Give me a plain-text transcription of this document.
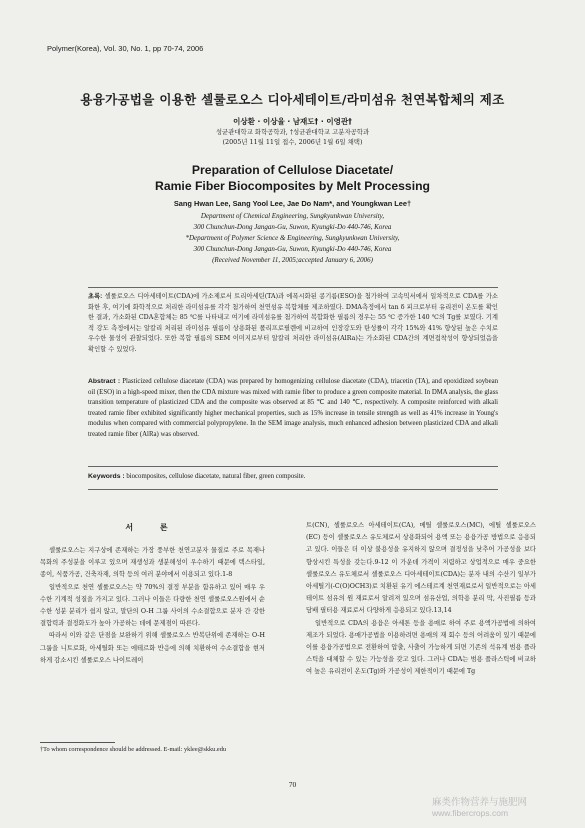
Polymer(Korea), Vol. 30, No. 1, pp 70-74, 2006
용융가공법을 이용한 셀룰로오스 디아세테이트/라미섬유 천연복합체의 제조
이상환 · 이상율 · 남재도† · 이영관†
성균관대학교 화학공학과, †성균관대학교 고분자공학과
(2005년 11월 11일 접수, 2006년 1월 6일 채택)
Preparation of Cellulose Diacetate/
Ramie Fiber Biocomposites by Melt Processing
Sang Hwan Lee, Sang Yool Lee, Jae Do Nam*, and Youngkwan Lee†
Department of Chemical Engineering, Sungkyunkwan University,
300 Chunchun-Dong Jangan-Gu, Suwon, Kyungki-Do 440-746, Korea
*Department of Polymer Science & Engineering, Sungkyunkwan University,
300 Chunchun-Dong Jangan-Gu, Suwon, Kyungki-Do 440-746, Korea
(Received November 11, 2005;accepted January 6, 2006)
초록: 셀룰로오스 디아세테이트(CDA)에 가소제로서 트리아세틴(TA)과 에폭시화된 콩기름(ESO)을 첨가하여 고속믹서에서 일차적으로 CDA를 가소화한 후, 여기에 화학적으로 처리한 라미섬유를 각각 첨가하여 천연섬유 복합체를 제조하였다. DMA측정에서 tan δ 피크로부터 유리전이 온도를 확인한 결과, 가소화된 CDA혼합체는 85 ℃를 나타내고 여기에 라미섬유를 첨가하여 복합화한 필름의 경우는 55 ℃ 증가한 140 ℃의 Tg를 보였다. 기계적 강도 측정에서는 알칼리 처리된 라미섬유 필름이 상용화된 폴리프로필렌에 비교하여 인장강도와 탄성률이 각각 15%와 41% 향상된 높은 수치로 우수한 물성이 관찰되었다. 또한 복합 필름의 SEM 이미지로부터 알칼리 처리한 라미섬유(AlRa)는 가소화된 CDA간의 계면접착성이 향상되었음을 확인할 수 있었다.
Abstract : Plasticized cellulose diacetate (CDA) was prepared by homogenizing cellulose diacetate (CDA), triacetin (TA), and epoxidized soybean oil (ESO) in a high-speed mixer, then the CDA mixture was mixed with ramie fiber to produce a green composite material. In DMA analysis, the glass transition temperature of plasticized CDA and the composite was observed at 85 ℃ and 140 ℃, respectively. A composite reinforced with alkali treated ramie fiber exhibited significantly higher mechanical properties, such as 15% increase in tensile strength as well as 41% increase in Young's modulus when compared with commercial polypropylene. In the SEM image analysis, much enhanced adhesion between plasticized CDA and alkali treated ramie fiber (AlRa) was observed.
Keywords : biocomposites, cellulose diacetate, natural fiber, green composite.
서 론
셀룰로오스는 지구상에 존재하는 가장 풍부한 천연고분자 물질로 주로 목재나 목화의 주성분을 이루고 있으며 재생성과 생분해성이 우수하기 때문에 텍스타일, 종이, 식품가공, 건축자재, 의학 등의 여러 분야에서 이용되고 있다.1-8
일반적으로 천연 셀룰로오스는 약 70%의 결정 부분을 함유하고 있어 매우 우수한 기계적 성질을 가지고 있다. 그러나 이들은 다량한 천연 셀룰로오스원에서 순수한 성분 분리가 쉽지 않고, 말단의 O-H 그룹 사이의 수소결합으로 분자 간 강한 결합력과 결정화도가 높아 가공하는 데에 문제점이 따른다.
따라서 이와 같은 단점을 보완하기 위해 셀룰로오스 반복단위에 존재하는 O-H 그룹을 니트로화, 아세틸화 또는 에테르화 반응에 의해 치환하여 수소결합을 현저하게 감소시킨 셀룰로오스 나이트레이
트(CN), 셀룰로오스 아세테이트(CA), 메틸 셀룰로오스(MC), 에틸 셀룰로오스(EC) 등이 셀룰로오스 유도체로서 상용화되어 용액 또는 용융가공 방법으로 응용되고 있다. 이들은 더 이상 불용성을 유지하지 않으며 결정성을 낮추어 가공성을 보다 향상시킨 특성을 갖는다.9-12 이 가운데 가격이 저렴하고 상업적으로 매우 중요한 셀룰로오스 유도체로서 셀룰로오스 디아세테이트(CDA)는 분자 내의 수산기 일부가 아세틸기(-C(O)OCH3)로 치환된 유기 에스테르계 천연재료로서 일반적으로는 아세테이트 섬유의 원 재료로서 알려져 있으며 섬유산업, 의학용 분리 막, 사진필름 등과 담배 필터용 재료로서 다양하게 응용되고 있다.13,14
일반적으로 CDA의 용융은 아세톤 등을 용매로 하여 주로 용액가공법에 의하여 제조가 되었다. 용매가공법을 이용하려면 용매의 재 회수 등의 어려움이 있기 때문에 이를 용융가공법으로 전환하여 압출, 사출이 가능하게 되면 기존의 석유계 범용 플라스틱을 대체할 수 있는 가능성을 갖고 있다. 그러나 CDA는 범용 플라스틱에 비교하여 높은 유리전이 온도(Tg)와 가공성이 제한적이기 때문에 Tg
†To whom correspondence should be addressed. E-mail: yklee@skku.edu
70
麻类作物营养与施肥网
www.fibercrops.com
